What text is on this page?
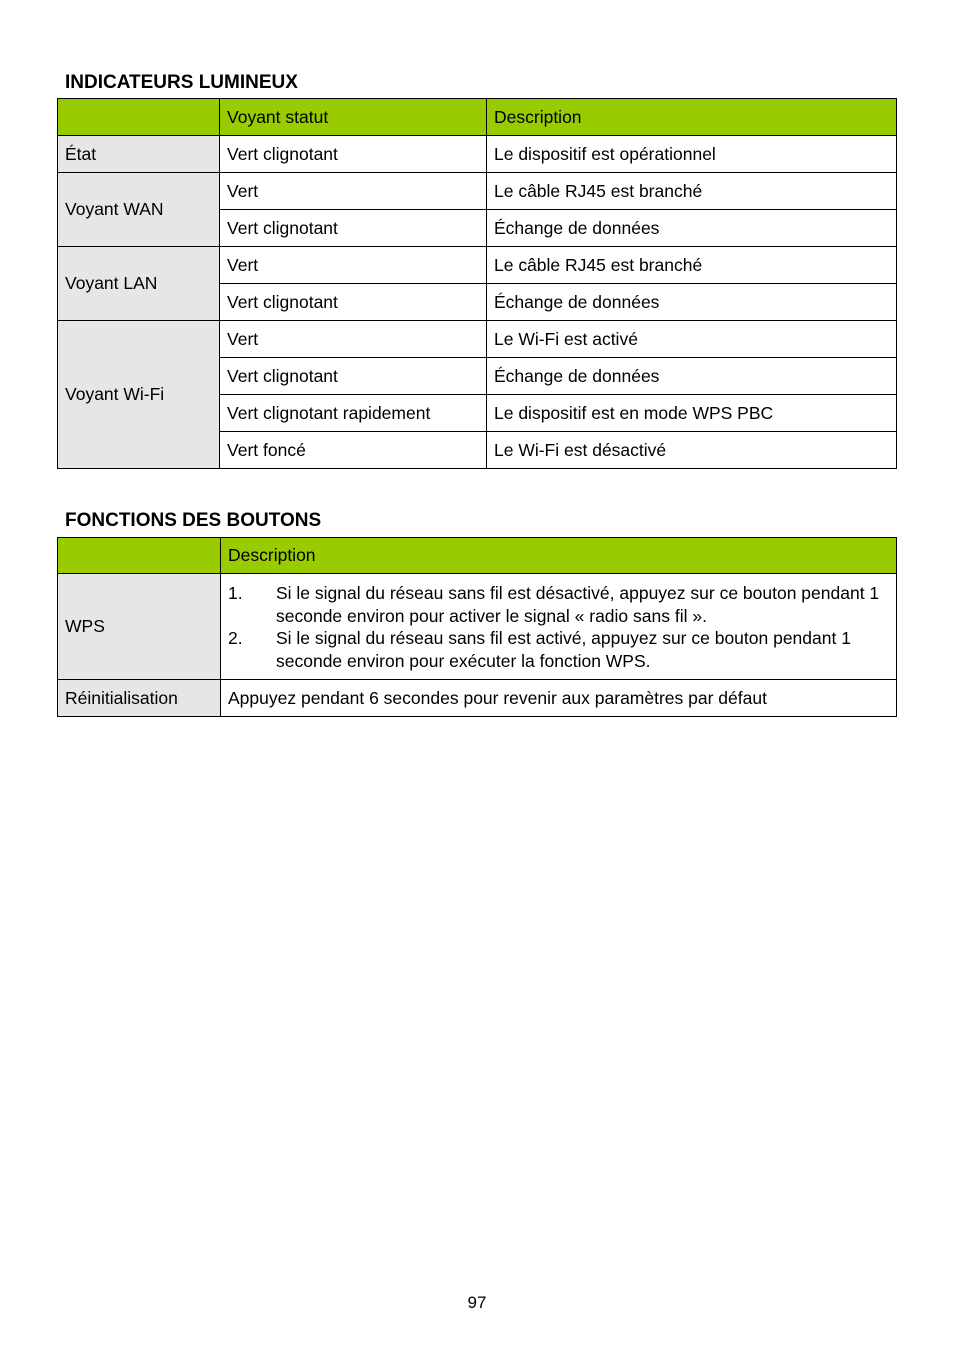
INDICATEURS LUMINEUX
	Voyant statut	Description
État	Vert clignotant	Le dispositif est opérationnel
Voyant WAN	Vert	Le câble RJ45 est branché
	Vert clignotant	Échange de données
Voyant LAN	Vert	Le câble RJ45 est branché
	Vert clignotant	Échange de données
Voyant Wi-Fi	Vert	Le Wi-Fi est activé
	Vert clignotant	Échange de données
	Vert clignotant rapidement	Le dispositif est en mode WPS PBC
	Vert foncé	Le Wi-Fi est désactivé
FONCTIONS DES BOUTONS
	Description
WPS	1. Si le signal du réseau sans fil est désactivé, appuyez sur ce bouton pendant 1 seconde environ pour activer le signal « radio sans fil ».
2. Si le signal du réseau sans fil est activé, appuyez sur ce bouton pendant 1 seconde environ pour exécuter la fonction WPS.

Réinitialisation	Appuyez pendant 6 secondes pour revenir aux paramètres par défaut
97
